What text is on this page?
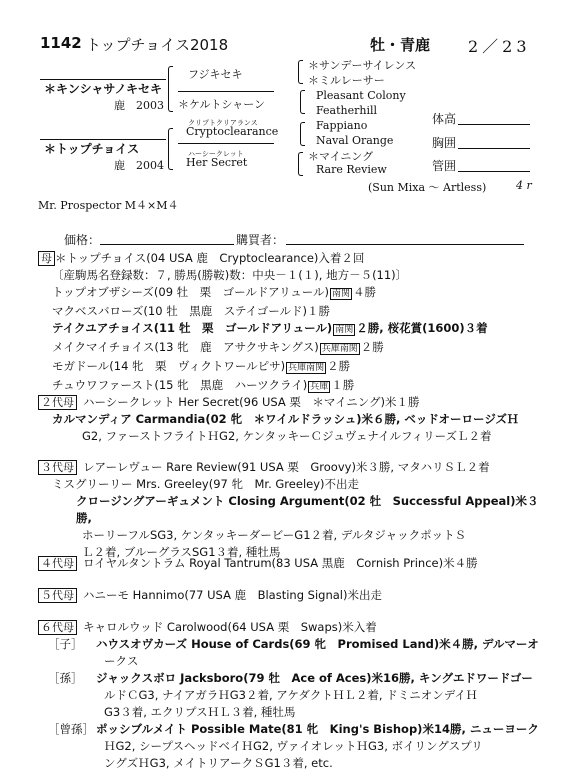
1142 トップチョイス2018	牡・青鹿 2／23
＊キンシャサノキセキ
鹿　2003
フジキセキ
＊ケルトシャーン
＊サンデーサイレンス
＊ミルレーサー
Pleasant Colony
Featherhill
＊トップチョイス
鹿　2004
クリプトクリアランス
Cryptoclearance
ハーシークレット
Her Secret
Fappiano
Naval Orange
＊マイニング
Rare Review
(Sun Mixa ～ Artless)	4 r
体高
胸囲
管囲
Mr. Prospector M４×M４
価格：	購買者：
母 ＊トップチョイス(04 USA 鹿　Cryptoclearance)入着２回
〔産駒馬名登録数：７, 勝馬(勝鞍)数：中央－１(１), 地方－５(11)〕
トップオブザシーズ(09 牡　栗　ゴールドアリュール) 南関 ４勝
マクベスバローズ(10 牡　黒鹿　ステイゴールド)１勝
テイクユアチョイス(11 牡　栗　ゴールドアリュール) 南関 ２勝, 桜花賞(1600)３着
メイクマイチョイス(13 牝　鹿　アサクサキングス) 兵庫南関 ２勝
モガドール(14 牝　栗　ヴィクトワールピサ) 兵庫南関 ２勝
チュウワファースト(15 牝　黒鹿　ハーツクライ) 兵庫 １勝
２代母 ハーシークレット Her Secret(96 USA 栗　＊マイニング)米１勝
カルマンディア Carmandia(02 牝　＊ワイルドラッシュ)米６勝, ベッドオーロージズＨ
G2, ファーストフライトＨG2, ケンタッキーＣジュヴェナイルフィリーズＬ２着
３代母 レアーレヴュー Rare Review(91 USA 栗　Groovy)米３勝, マタハリＳＬ２着
ミスグリーリー Mrs. Greeley(97 牝　Mr. Greeley)不出走
クロージングアーギュメント Closing Argument(02 牡　Successful Appeal)米３勝,
ホーリーフルSG3, ケンタッキーダービーG1２着, デルタジャックポットＳ
Ｌ２着, ブルーグラスSG1３着, 種牡馬
４代母 ロイヤルタントラム Royal Tantrum(83 USA 黒鹿　Cornish Prince)米４勝
５代母 ハニーモ Hannimo(77 USA 鹿　Blasting Signal)米出走
６代母 キャロルウッド Carolwood(64 USA 栗　Swaps)米入着
［子］ ハウスオヴカーズ House of Cards(69 牝　Promised Land)米４勝, デルマーオ
ークス
［孫］ ジャックスボロ Jacksboro(79 牡　Ace of Aces)米16勝, キングエドワードゴー
ルドＣG3, ナイアガラＨG3２着, アケダクトＨＬ２着, ドミニオンデイＨ
G3３着, エクリプスＨＬ３着, 種牡馬
［曾孫］ ポッシブルメイト Possible Mate(81 牝　King's Bishop)米14勝, ニューヨーク
ＨG2, シープスヘッドベイＨG2, ヴァイオレットＨG3, ボイリングスプリ
ングズＨG3, メイトリアークＳG1３着, etc.
